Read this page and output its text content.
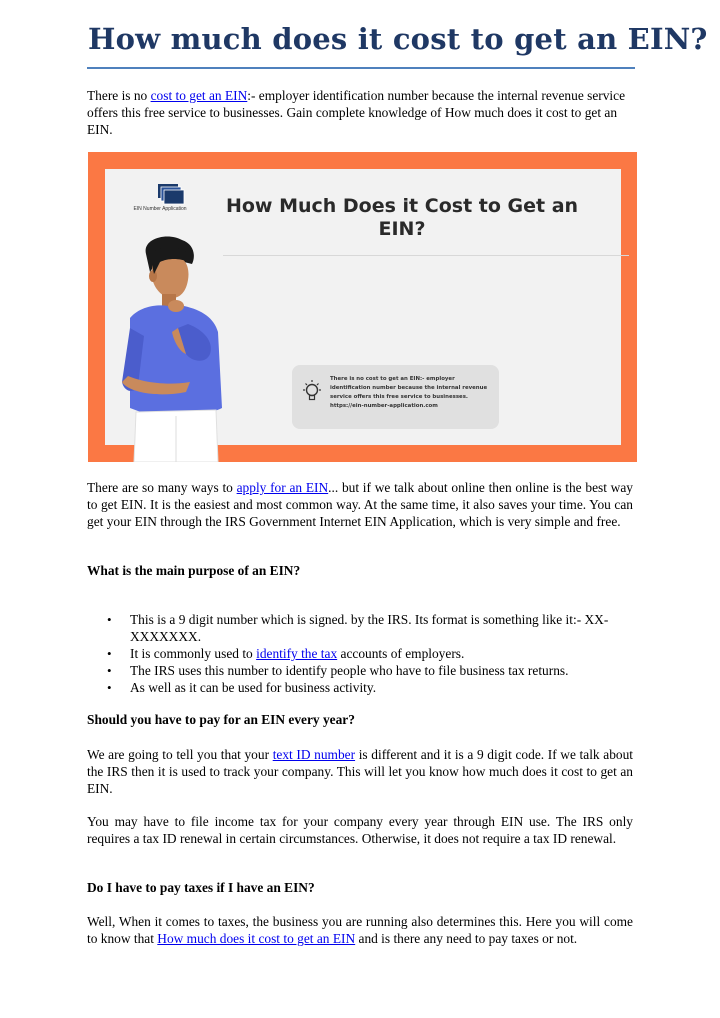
How much does it cost to get an EIN?

There is no cost to get an EIN:- employer identification number because the internal revenue service offers this free service to businesses. Gain complete knowledge of How much does it cost to get an EIN.

EIN Number Application	How Much Does it Cost to Get an EIN?
There is no cost to get an EIN:- employer identification number because the internal revenue service offers this free service to businesses.
https://ein-number-application.com

There are so many ways to apply for an EIN... but if we talk about online then online is the best way to get EIN. It is the easiest and most common way. At the same time, it also saves your time. You can get your EIN through the IRS Government Internet EIN Application, which is very simple and free.

What is the main purpose of an EIN?
• This is a 9 digit number which is signed. by the IRS. Its format is something like it:- XX-XXXXXXX.
• It is commonly used to identify the tax accounts of employers.
• The IRS uses this number to identify people who have to file business tax returns.
• As well as it can be used for business activity.
Should you have to pay for an EIN every year?

We are going to tell you that your text ID number is different and it is a 9 digit code. If we talk about the IRS then it is used to track your company. This will let you know how much does it cost to get an EIN.

You may have to file income tax for your company every year through EIN use. The IRS only requires a tax ID renewal in certain circumstances. Otherwise, it does not require a tax ID renewal.

Do I have to pay taxes if I have an EIN?

Well, When it comes to taxes, the business you are running also determines this. Here you will come to know that How much does it cost to get an EIN and is there any need to pay taxes or not.
